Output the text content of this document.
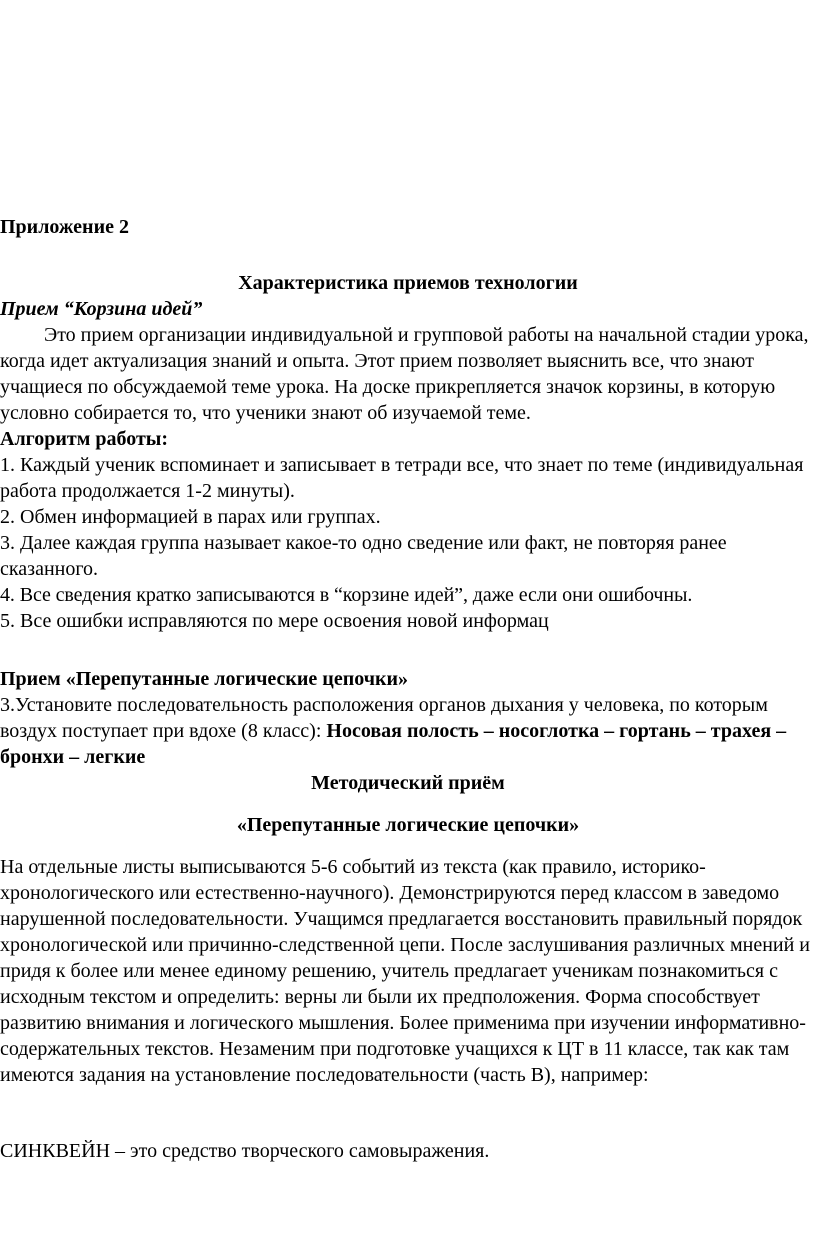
Приложение 2

Характеристика приемов технологии

Прием “Корзина идей”

Это прием организации индивидуальной и групповой работы на начальной стадии урока, когда идет актуализация знаний и опыта. Этот прием позволяет выяснить все, что знают учащиеся по обсуждаемой теме урока. На доске прикрепляется значок корзины, в которую условно собирается то, что ученики знают об изучаемой теме.

Алгоритм работы:

1. Каждый ученик вспоминает и записывает в тетради все, что знает по теме (индивидуальная работа продолжается 1-2 минуты).

2. Обмен информацией в парах или группах.

3. Далее каждая группа называет какое-то одно сведение или факт, не повторяя ранее сказанного.

4. Все сведения кратко записываются в “корзине идей”, даже если они ошибочны.

5. Все ошибки исправляются по мере освоения новой информац

Прием «Перепутанные логические цепочки»

3.Установите последовательность расположения органов дыхания у человека, по которым воздух поступает при вдохе (8 класс): Носовая полость – носоглотка – гортань – трахея – бронхи – легкие

Методический приём

«Перепутанные логические цепочки»

На отдельные листы выписываются 5-6 событий из текста (как правило, историко-хронологического или естественно-научного). Демонстрируются перед классом в заведомо нарушенной последовательности. Учащимся предлагается восстановить правильный порядок хронологической или причинно-следственной цепи. После заслушивания различных мнений и придя к более или менее единому решению, учитель предлагает ученикам познакомиться с исходным текстом и определить: верны ли были их предположения. Форма способствует развитию внимания и логического мышления. Более применима при изучении информативно-содержательных текстов. Незаменим при подготовке учащихся к ЦТ в 11 классе, так как там имеются задания на установление последовательности (часть В), например:

СИНКВЕЙН – это средство творческого самовыражения.
